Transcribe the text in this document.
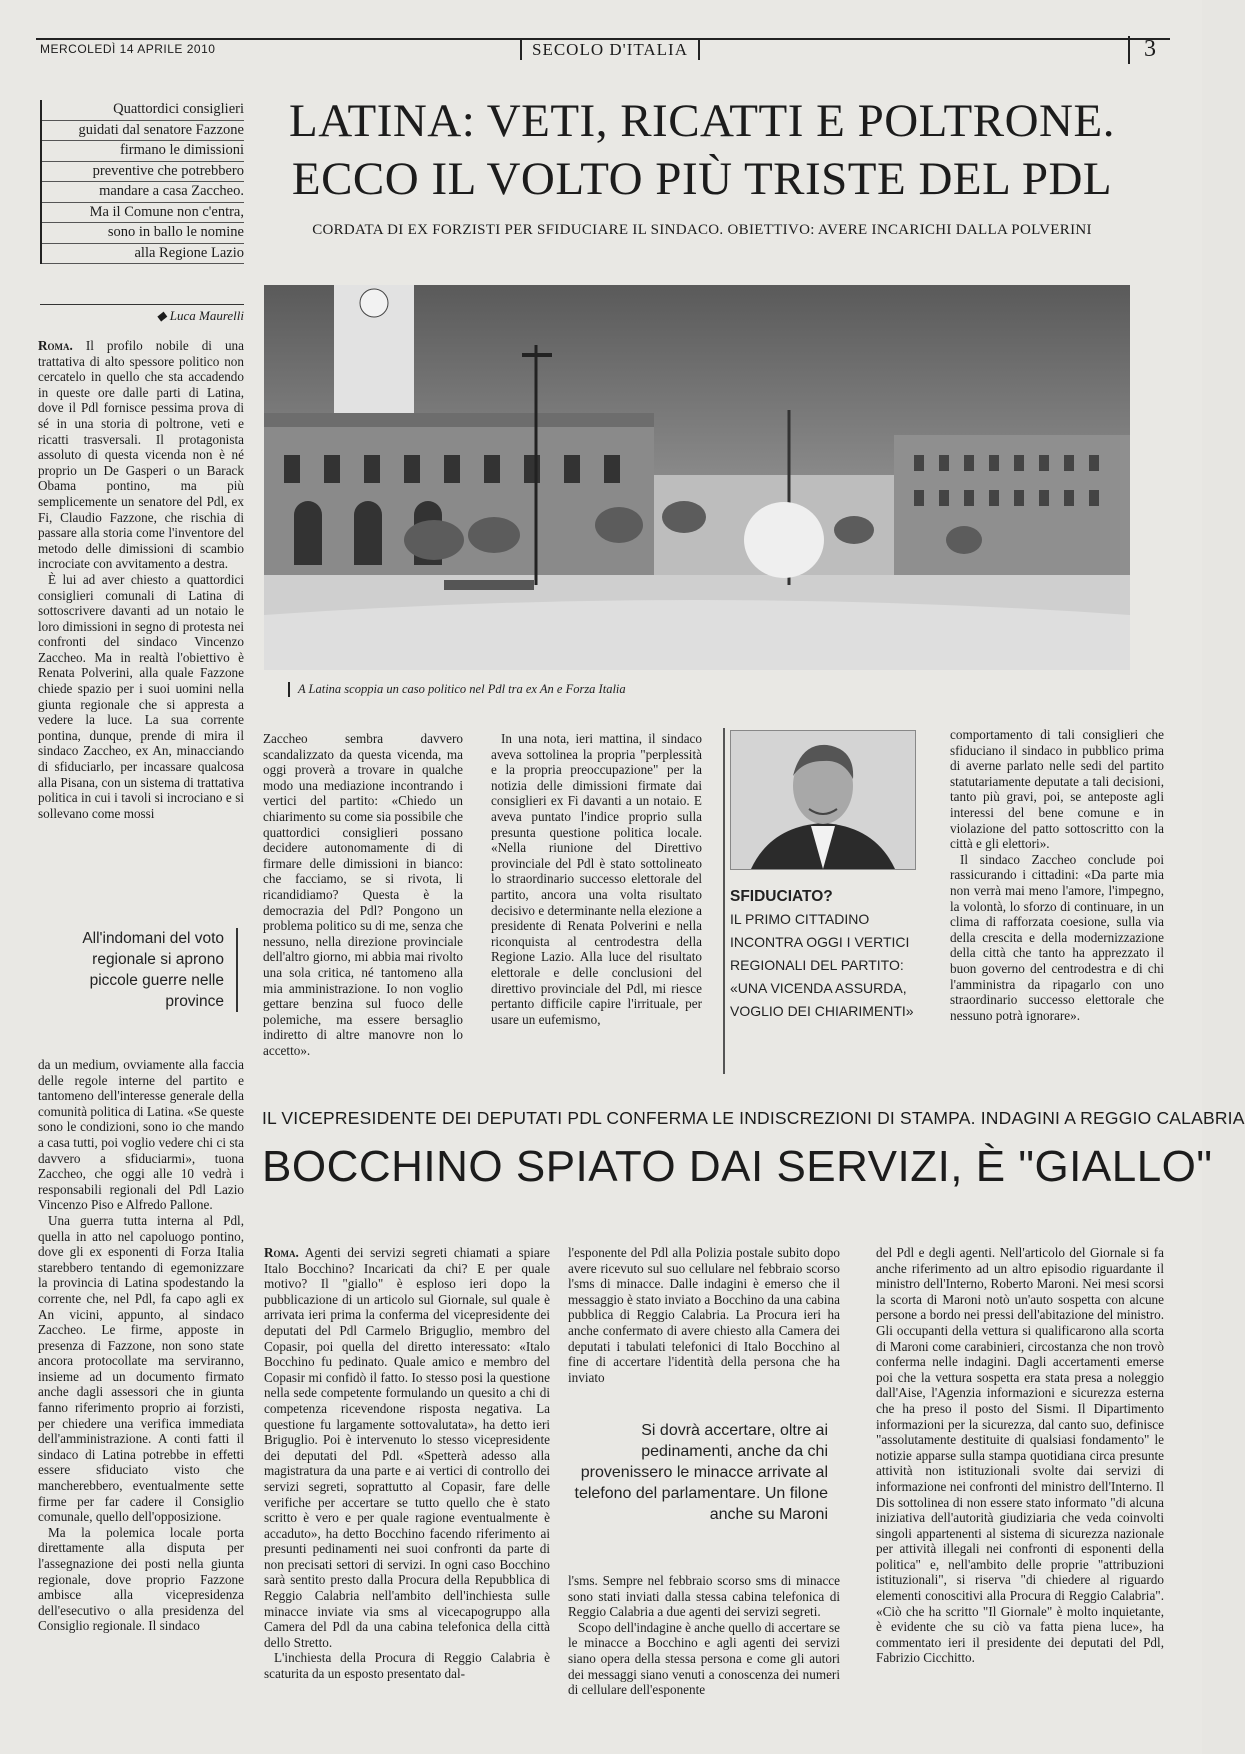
MERCOLEDÌ 14 APRILE 2010	SECOLO D'ITALIA	3

Quattordici consiglieri

guidati dal senatore Fazzone

firmano le dimissioni

preventive che potrebbero

mandare a casa Zaccheo.

Ma il Comune non c'entra,

sono in ballo le nomine

alla Regione Lazio

LATINA: VETI, RICATTI E POLTRONE.
ECCO IL VOLTO PIÙ TRISTE DEL PDL
CORDATA DI EX FORZISTI PER SFIDUCIARE IL SINDACO. OBIETTIVO: AVERE INCARICHI DALLA POLVERINI
◆ Luca Maurelli
A Latina scoppia un caso politico nel Pdl tra ex An e Forza Italia

Roma. Il profilo nobile di una trattativa di alto spessore politico non cercatelo in quello che sta accadendo in queste ore dalle parti di Latina, dove il Pdl fornisce pessima prova di sé in una storia di poltrone, veti e ricatti trasversali. Il protagonista assoluto di questa vicenda non è né proprio un De Gasperi o un Barack Obama pontino, ma più semplicemente un senatore del Pdl, ex Fi, Claudio Fazzone, che rischia di passare alla storia come l'inventore del metodo delle dimissioni di scambio incrociate con avvitamento a destra.

È lui ad aver chiesto a quattordici consiglieri comunali di Latina di sottoscrivere davanti ad un notaio le loro dimissioni in segno di protesta nei confronti del sindaco Vincenzo Zaccheo. Ma in realtà l'obiettivo è Renata Polverini, alla quale Fazzone chiede spazio per i suoi uomini nella giunta regionale che si appresta a vedere la luce. La sua corrente pontina, dunque, prende di mira il sindaco Zaccheo, ex An, minacciando di sfiduciarlo, per incassare qualcosa alla Pisana, con un sistema di trattativa politica in cui i tavoli si incrociano e si sollevano come mossi

All'indomani del voto regionale si aprono piccole guerre nelle province

da un medium, ovviamente alla faccia delle regole interne del partito e tantomeno dell'interesse generale della comunità politica di Latina. «Se queste sono le condizioni, sono io che mando a casa tutti, poi voglio vedere chi ci sta davvero a sfiduciarmi», tuona Zaccheo, che oggi alle 10 vedrà i responsabili regionali del Pdl Lazio Vincenzo Piso e Alfredo Pallone.

Una guerra tutta interna al Pdl, quella in atto nel capoluogo pontino, dove gli ex esponenti di Forza Italia starebbero tentando di egemonizzare la provincia di Latina spodestando la corrente che, nel Pdl, fa capo agli ex An vicini, appunto, al sindaco Zaccheo. Le firme, apposte in presenza di Fazzone, non sono state ancora protocollate ma serviranno, insieme ad un documento firmato anche dagli assessori che in giunta fanno riferimento proprio ai forzisti, per chiedere una verifica immediata dell'amministrazione. A conti fatti il sindaco di Latina potrebbe in effetti essere sfiduciato visto che mancherebbero, eventualmente sette firme per far cadere il Consiglio comunale, quello dell'opposizione.

Ma la polemica locale porta direttamente alla disputa per l'assegnazione dei posti nella giunta regionale, dove proprio Fazzone ambisce alla vicepresidenza dell'esecutivo o alla presidenza del Consiglio regionale. Il sindaco

Zaccheo sembra davvero scandalizzato da questa vicenda, ma oggi proverà a trovare in qualche modo una mediazione incontrando i vertici del partito: «Chiedo un chiarimento su come sia possibile che quattordici consiglieri possano decidere autonomamente di di firmare delle dimissioni in bianco: che facciamo, se si rivota, li ricandidiamo? Questa è la democrazia del Pdl? Pongono un problema politico su di me, senza che nessuno, nella direzione provinciale dell'altro giorno, mi abbia mai rivolto una sola critica, né tantomeno alla mia amministrazione. Io non voglio gettare benzina sul fuoco delle polemiche, ma essere bersaglio indiretto di altre manovre non lo accetto».

In una nota, ieri mattina, il sindaco aveva sottolinea la propria "perplessità e la propria preoccupazione" per la notizia delle dimissioni firmate dai consiglieri ex Fi davanti a un notaio. E aveva puntato l'indice proprio sulla presunta questione politica locale. «Nella riunione del Direttivo provinciale del Pdl è stato sottolineato lo straordinario successo elettorale del partito, ancora una volta risultato decisivo e determinante nella elezione a presidente di Renata Polverini e nella riconquista al centrodestra della Regione Lazio. Alla luce del risultato elettorale e delle conclusioni del direttivo provinciale del Pdl, mi riesce pertanto difficile capire l'irrituale, per usare un eufemismo,

SFIDUCIATO?
IL PRIMO CITTADINO INCONTRA OGGI I VERTICI REGIONALI DEL PARTITO: «UNA VICENDA ASSURDA, VOGLIO DEI CHIARIMENTI»

comportamento di tali consiglieri che sfiduciano il sindaco in pubblico prima di averne parlato nelle sedi del partito statutariamente deputate a tali decisioni, tanto più gravi, poi, se anteposte agli interessi del bene comune e in violazione del patto sottoscritto con la città e gli elettori».

Il sindaco Zaccheo conclude poi rassicurando i cittadini: «Da parte mia non verrà mai meno l'amore, l'impegno, la volontà, lo sforzo di continuare, in un clima di rafforzata coesione, sulla via della crescita e della modernizzazione della città che tanto ha apprezzato il buon governo del centrodestra e di chi l'amministra da ripagarlo con uno straordinario successo elettorale che nessuno potrà ignorare».

IL VICEPRESIDENTE DEI DEPUTATI PDL CONFERMA LE INDISCREZIONI DI STAMPA. INDAGINI A REGGIO CALABRIA
BOCCHINO SPIATO DAI SERVIZI, È "GIALLO"

Roma. Agenti dei servizi segreti chiamati a spiare Italo Bocchino? Incaricati da chi? E per quale motivo? Il "giallo" è esploso ieri dopo la pubblicazione di un articolo sul Giornale, sul quale è arrivata ieri prima la conferma del vicepresidente dei deputati del Pdl Carmelo Briguglio, membro del Copasir, poi quella del diretto interessato: «Italo Bocchino fu pedinato. Quale amico e membro del Copasir mi confidò il fatto. Io stesso posi la questione nella sede competente formulando un quesito a chi di competenza ricevendone risposta negativa. La questione fu largamente sottovalutata», ha detto ieri Briguglio. Poi è intervenuto lo stesso vicepresidente dei deputati del Pdl. «Spetterà adesso alla magistratura da una parte e ai vertici di controllo dei servizi segreti, soprattutto al Copasir, fare delle verifiche per accertare se tutto quello che è stato scritto è vero e per quale ragione eventualmente è accaduto», ha detto Bocchino facendo riferimento ai presunti pedinamenti nei suoi confronti da parte di non precisati settori di servizi. In ogni caso Bocchino sarà sentito presto dalla Procura della Repubblica di Reggio Calabria nell'ambito dell'inchiesta sulle minacce inviate via sms al vicecapogruppo alla Camera del Pdl da una cabina telefonica della città dello Stretto.

L'inchiesta della Procura di Reggio Calabria è scaturita da un esposto presentato dal-

l'esponente del Pdl alla Polizia postale subito dopo avere ricevuto sul suo cellulare nel febbraio scorso l'sms di minacce. Dalle indagini è emerso che il messaggio è stato inviato a Bocchino da una cabina pubblica di Reggio Calabria. La Procura ieri ha anche confermato di avere chiesto alla Camera dei deputati i tabulati telefonici di Italo Bocchino al fine di accertare l'identità della persona che ha inviato

Si dovrà accertare, oltre ai pedinamenti, anche da chi provenissero le minacce arrivate al telefono del parlamentare. Un filone anche su Maroni

l'sms. Sempre nel febbraio scorso sms di minacce sono stati inviati dalla stessa cabina telefonica di Reggio Calabria a due agenti dei servizi segreti.

Scopo dell'indagine è anche quello di accertare se le minacce a Bocchino e agli agenti dei servizi siano opera della stessa persona e come gli autori dei messaggi siano venuti a conoscenza dei numeri di cellulare dell'esponente

del Pdl e degli agenti. Nell'articolo del Giornale si fa anche riferimento ad un altro episodio riguardante il ministro dell'Interno, Roberto Maroni. Nei mesi scorsi la scorta di Maroni notò un'auto sospetta con alcune persone a bordo nei pressi dell'abitazione del ministro. Gli occupanti della vettura si qualificarono alla scorta di Maroni come carabinieri, circostanza che non trovò conferma nelle indagini. Dagli accertamenti emerse poi che la vettura sospetta era stata presa a noleggio dall'Aise, l'Agenzia informazioni e sicurezza esterna che ha preso il posto del Sismi. Il Dipartimento informazioni per la sicurezza, dal canto suo, definisce "assolutamente destituite di qualsiasi fondamento" le notizie apparse sulla stampa quotidiana circa presunte attività non istituzionali svolte dai servizi di informazione nei confronti del ministro dell'Interno. Il Dis sottolinea di non essere stato informato "di alcuna iniziativa dell'autorità giudiziaria che veda coinvolti singoli appartenenti al sistema di sicurezza nazionale per attività illegali nei confronti di esponenti della politica" e, nell'ambito delle proprie "attribuzioni istituzionali", si riserva "di chiedere al riguardo elementi conoscitivi alla Procura di Reggio Calabria". «Ciò che ha scritto "Il Giornale" è molto inquietante, è evidente che su ciò va fatta piena luce», ha commentato ieri il presidente dei deputati del Pdl, Fabrizio Cicchitto.
